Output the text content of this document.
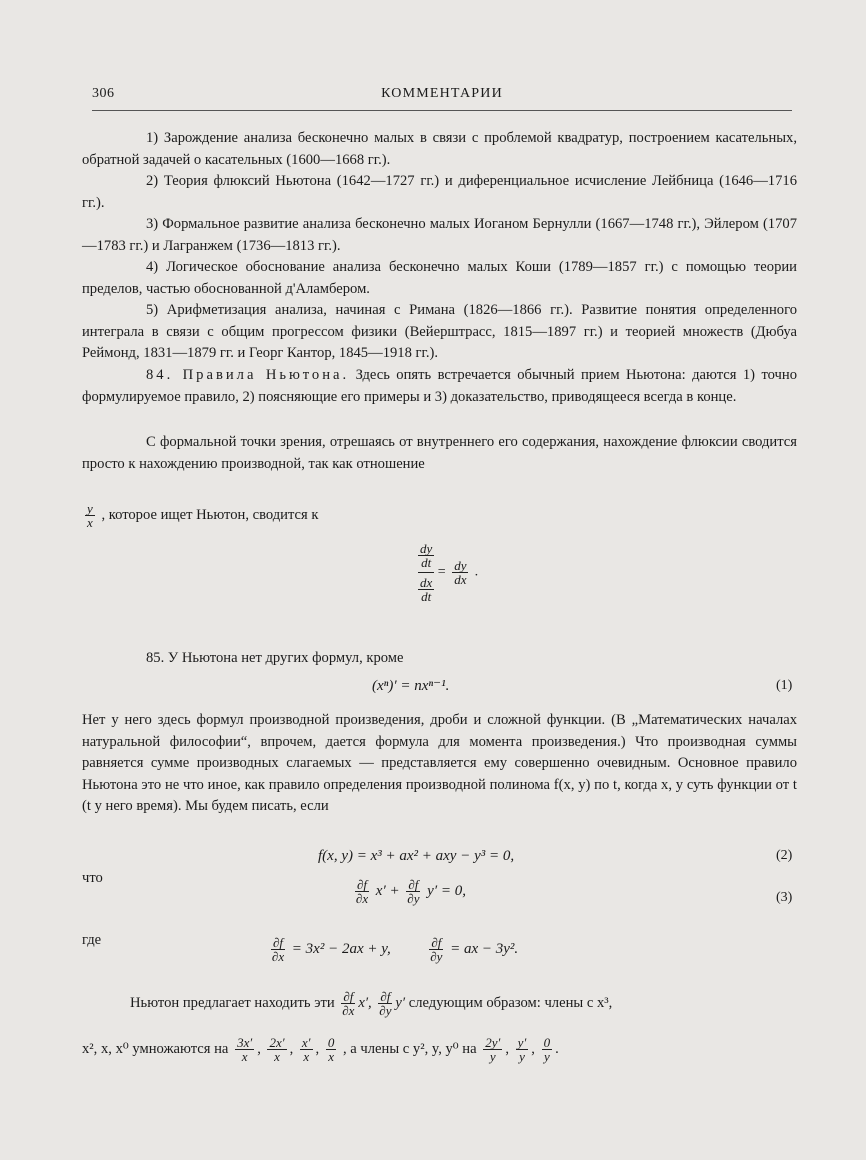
306	КОММЕНТАРИИ
1) Зарождение анализа бесконечно малых в связи с проблемой квадратур, построением касательных, обратной задачей о касательных (1600—1668 гг.).
2) Теория флюксий Ньютона (1642—1727 гг.) и диференциальное исчисление Лейбница (1646—1716 гг.).
3) Формальное развитие анализа бесконечно малых Иоганом Бернулли (1667—1748 гг.), Эйлером (1707—1783 гг.) и Лагранжем (1736—1813 гг.).
4) Логическое обоснование анализа бесконечно малых Коши (1789—1857 гг.) с помощью теории пределов, частью обоснованной д'Аламбером.
5) Арифметизация анализа, начиная с Римана (1826—1866 гг.). Развитие понятия определенного интеграла в связи с общим прогрессом физики (Вейерштрасс, 1815—1897 гг.) и теорией множеств (Дюбуа Реймонд, 1831—1879 гг. и Георг Кантор, 1845—1918 гг.).
84. Правила Ньютона. Здесь опять встречается обычный прием Ньютона: даются 1) точно формулируемое правило, 2) поясняющие его примеры и 3) доказательство, приводящееся всегда в конце.
С формальной точки зрения, отрешаясь от внутреннего его содержания, нахождение флюксии сводится просто к нахождению производной, так как отношение
$\frac{y}{x}$ , которое ищет Ньютон, сводится к
dy
dt
dx
dt
= $\frac{dy}{dx}$ .
85. У Ньютона нет других формул, кроме
(xⁿ)′ = nxⁿ⁻¹.	(1)
Нет у него здесь формул производной произведения, дроби и сложной функции. (В „Математических началах натуральной философии“, впрочем, дается формула для момента произведения.) Что производная суммы равняется сумме производных слагаемых — представляется ему совершенно очевидным. Основное правило Ньютона это не что иное, как правило определения производной полинома f(x, y) по t, когда x, y суть функции от t (t у него время). Мы будем писать, если
f(x, y) = x³ + ax² + axy − y³ = 0,	(2)
что	$\frac{\partial f}{\partial x} x' + \frac{\partial f}{\partial y} y' = 0$,	(3)
где	$\frac{\partial f}{\partial x} = 3x^2 - 2ax + y$,	$\frac{\partial f}{\partial y}$ = ax − 3y².
Ньютон предлагает находить эти $\frac{\partial f}{\partial x} x'$, $\frac{\partial f}{\partial y} y'$ следующим образом: члены с x³,
x², x, x⁰ умножаются на $\frac{3x'}{x}$ , $\frac{2x'}{x}$ , $\frac{x'}{x}$ , $\frac{0}{x}$ , а члены с y², y, y⁰ на $\frac{2y'}{y}$ , $\frac{y'}{y}$ , $\frac{0}{y}$ .
